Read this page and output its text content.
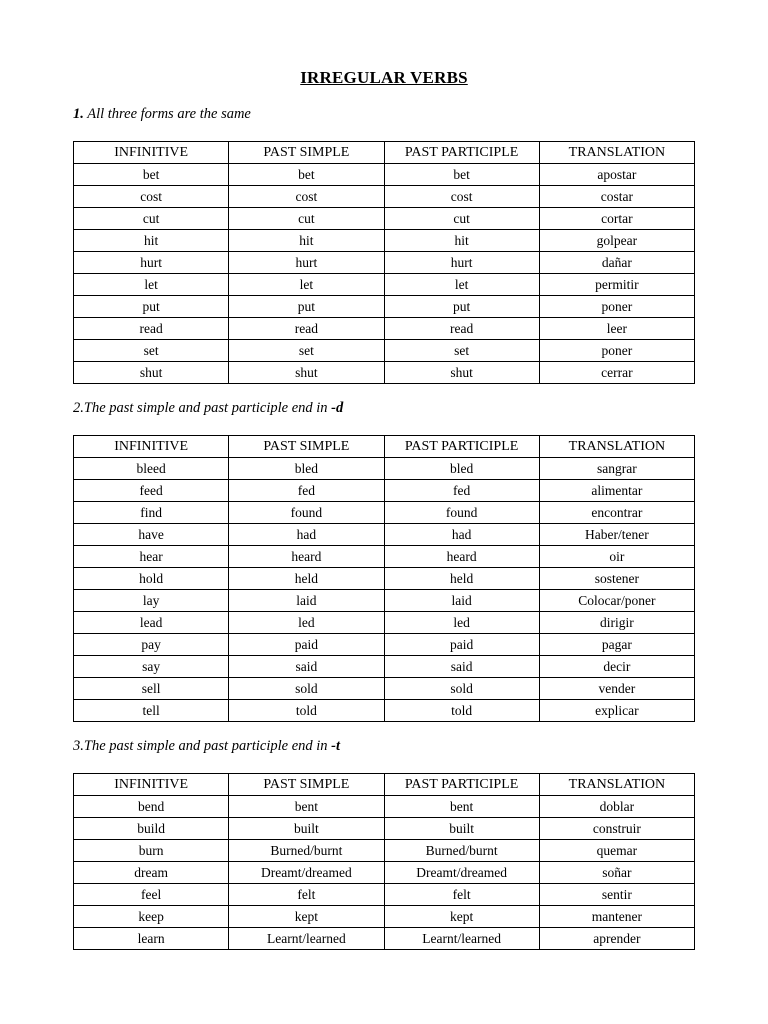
IRREGULAR VERBS
1. All three forms are the same
INFINITIVE	PAST SIMPLE	PAST PARTICIPLE	TRANSLATION
bet	bet	bet	apostar
cost	cost	cost	costar
cut	cut	cut	cortar
hit	hit	hit	golpear
hurt	hurt	hurt	dañar
let	let	let	permitir
put	put	put	poner
read	read	read	leer
set	set	set	poner
shut	shut	shut	cerrar
2.The past simple and past participle end in -d
INFINITIVE	PAST SIMPLE	PAST PARTICIPLE	TRANSLATION
bleed	bled	bled	sangrar
feed	fed	fed	alimentar
find	found	found	encontrar
have	had	had	Haber/tener
hear	heard	heard	oir
hold	held	held	sostener
lay	laid	laid	Colocar/poner
lead	led	led	dirigir
pay	paid	paid	pagar
say	said	said	decir
sell	sold	sold	vender
tell	told	told	explicar
3.The past simple and past participle end in -t
INFINITIVE	PAST SIMPLE	PAST PARTICIPLE	TRANSLATION
bend	bent	bent	doblar
build	built	built	construir
burn	Burned/burnt	Burned/burnt	quemar
dream	Dreamt/dreamed	Dreamt/dreamed	soñar
feel	felt	felt	sentir
keep	kept	kept	mantener
learn	Learnt/learned	Learnt/learned	aprender
